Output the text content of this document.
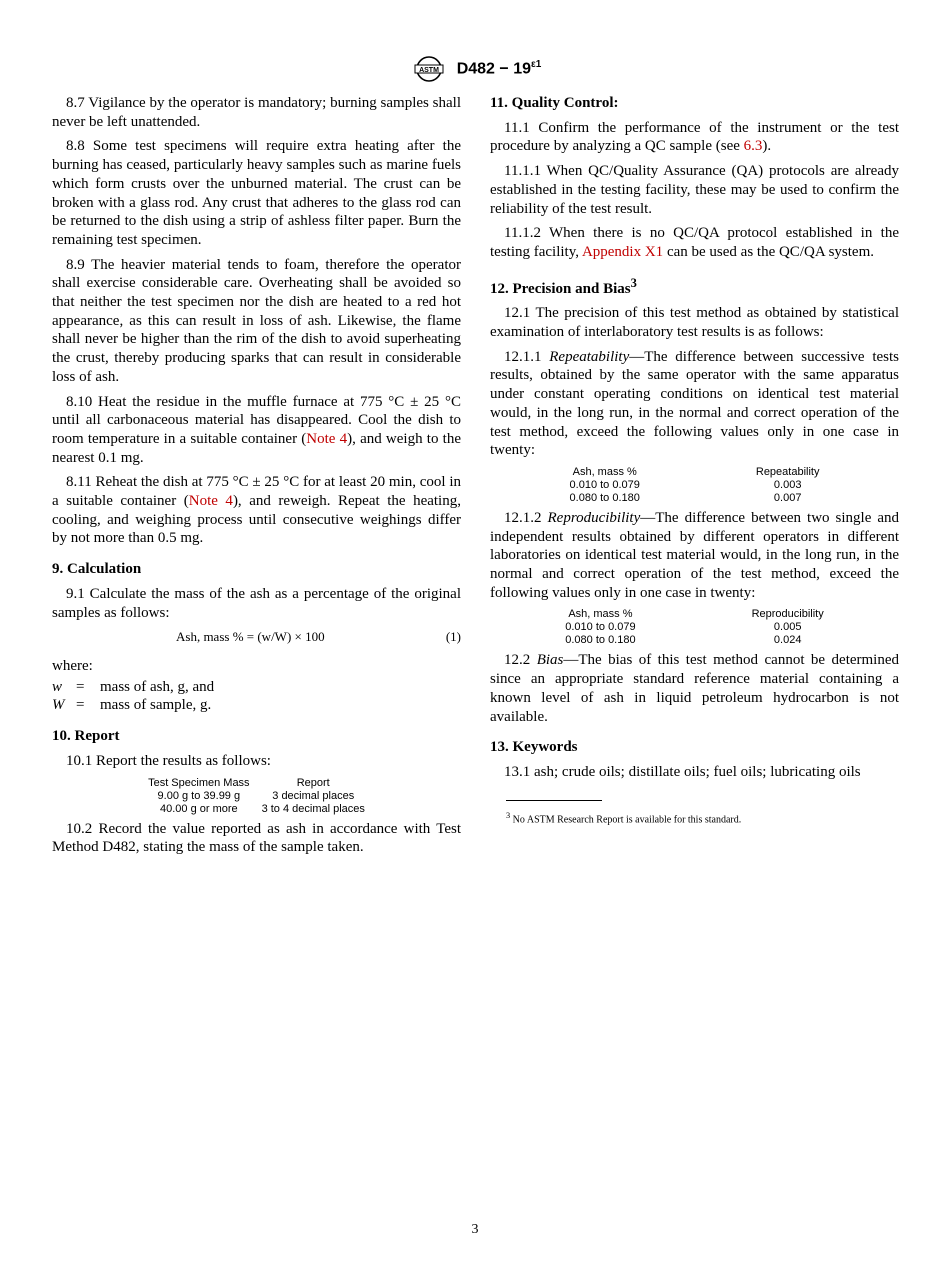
ASTM $D482 - 19^{\varepsilon 1}$

8.7 Vigilance by the operator is mandatory; burning samples shall never be left unattended.

8.8 Some test specimens will require extra heating after the burning has ceased, particularly heavy samples such as marine fuels which form crusts over the unburned material. The crust can be broken with a glass rod. Any crust that adheres to the glass rod can be returned to the dish using a strip of ashless filter paper. Burn the remaining test specimen.

8.9 The heavier material tends to foam, therefore the operator shall exercise considerable care. Overheating shall be avoided so that neither the test specimen nor the dish are heated to a red hot appearance, as this can result in loss of ash. Likewise, the flame shall never be higher than the rim of the dish to avoid superheating the crust, thereby producing sparks that can result in considerable loss of ash.

8.10 Heat the residue in the muffle furnace at 775 °C ± 25 °C until all carbonaceous material has disappeared. Cool the dish to room temperature in a suitable container (Note 4), and weigh to the nearest 0.1 mg.

8.11 Reheat the dish at 775 °C ± 25 °C for at least 20 min, cool in a suitable container (Note 4), and reweigh. Repeat the heating, cooling, and weighing process until consecutive weighings differ by not more than 0.5 mg.

9. Calculation

9.1 Calculate the mass of the ash as a percentage of the original samples as follows:

Ash, mass % = (w/W) × 100	(1)
where:
w =	mass of ash, g, and
W =	mass of sample, g.
10. Report

10.1 Report the results as follows:

Test Specimen Mass	Report
9.00 g to 39.99 g	3 decimal places
40.00 g or more	3 to 4 decimal places

10.2 Record the value reported as ash in accordance with Test Method D482, stating the mass of the sample taken.

11. Quality Control:

11.1 Confirm the performance of the instrument or the test procedure by analyzing a QC sample (see 6.3).

11.1.1 When QC/Quality Assurance (QA) protocols are already established in the testing facility, these may be used to confirm the reliability of the test result.

11.1.2 When there is no QC/QA protocol established in the testing facility, Appendix X1 can be used as the QC/QA system.

12. Precision and Bias$^3$

12.1 The precision of this test method as obtained by statistical examination of interlaboratory test results is as follows:

12.1.1 Repeatability—The difference between successive tests results, obtained by the same operator with the same apparatus under constant operating conditions on identical test material would, in the long run, in the normal and correct operation of the test method, exceed the following values only in one case in twenty:

Ash, mass %	Repeatability
0.010 to 0.079	0.003
0.080 to 0.180	0.007

12.1.2 Reproducibility—The difference between two single and independent results obtained by different operators in different laboratories on identical test material would, in the long run, in the normal and correct operation of the test method, exceed the following values only in one case in twenty:

Ash, mass %	Reproducibility
0.010 to 0.079	0.005
0.080 to 0.180	0.024

12.2 Bias—The bias of this test method cannot be determined since an appropriate standard reference material containing a known level of ash in liquid petroleum hydrocarbon is not available.

13. Keywords

13.1 ash; crude oils; distillate oils; fuel oils; lubricating oils

$^3$ No ASTM Research Report is available for this standard.
3
